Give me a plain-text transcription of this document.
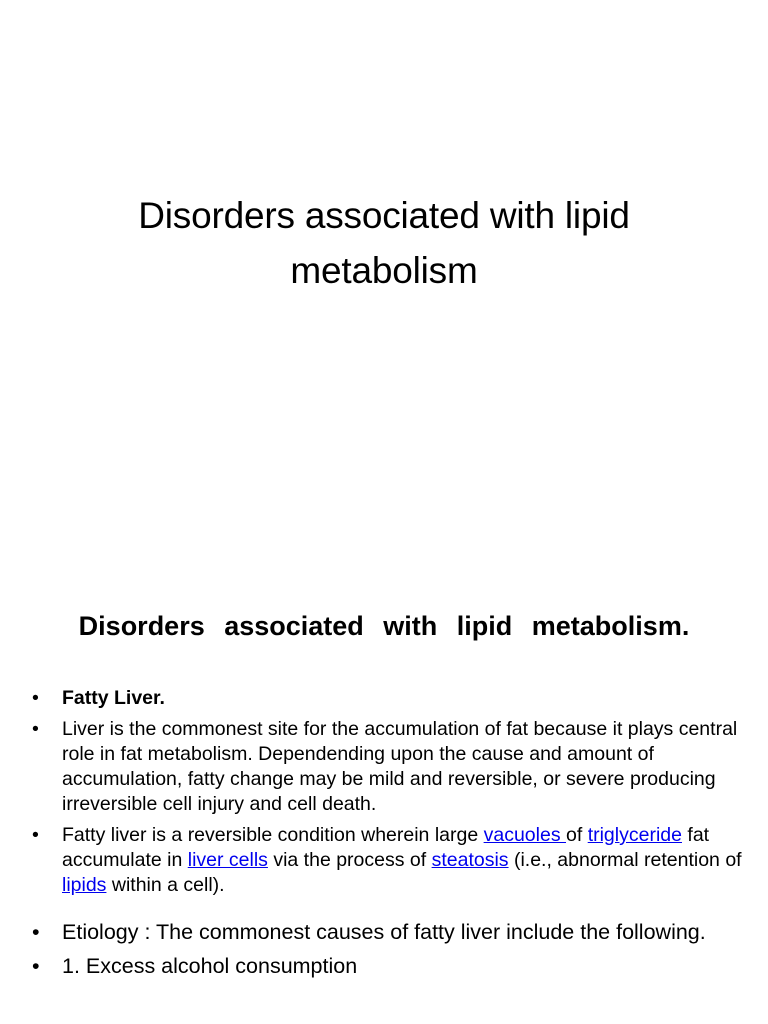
Disorders associated with lipid
metabolism
Disorders associated with lipid metabolism.
• Fatty Liver.
• Liver is the commonest site for the accumulation of fat because it plays central role in fat metabolism. Dependending upon the cause and amount of accumulation, fatty change may be mild and reversible, or severe producing irreversible cell injury and cell death.
• Fatty liver is a reversible condition wherein large vacuoles of triglyceride fat accumulate in liver cells via the process of steatosis (i.e., abnormal retention of lipids within a cell).
• Etiology : The commonest causes of fatty liver include the following.
• 1. Excess alcohol consumption
